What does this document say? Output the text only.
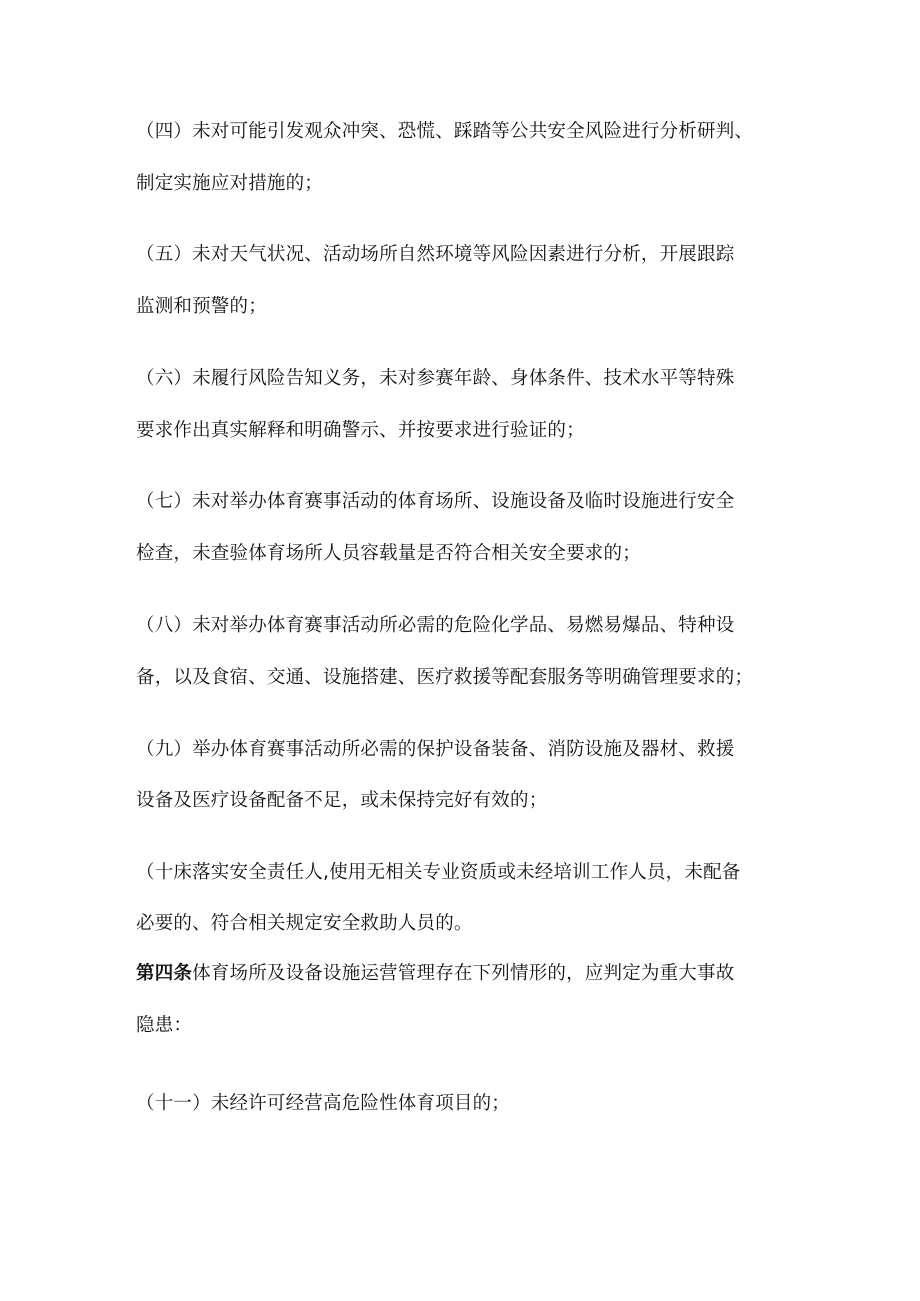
（四）未对可能引发观众冲突、恐慌、踩踏等公共安全风险进行分析研判、
制定实施应对措施的；
（五）未对天气状况、活动场所自然环境等风险因素进行分析，开展跟踪
监测和预警的；
（六）未履行风险告知义务，未对参赛年龄、身体条件、技术水平等特殊
要求作出真实解释和明确警示、并按要求进行验证的；
（七）未对举办体育赛事活动的体育场所、设施设备及临时设施进行安全
检查，未查验体育场所人员容载量是否符合相关安全要求的；
（八）未对举办体育赛事活动所必需的危险化学品、易燃易爆品、特种设
备，以及食宿、交通、设施搭建、医疗救援等配套服务等明确管理要求的；
（九）举办体育赛事活动所必需的保护设备装备、消防设施及器材、救援
设备及医疗设备配备不足，或未保持完好有效的；
（十床落实安全责任人,使用无相关专业资质或未经培训工作人员，未配备
必要的、符合相关规定安全救助人员的。
第四条体育场所及设备设施运营管理存在下列情形的，应判定为重大事故
隐患：
（十一）未经许可经营高危险性体育项目的；
